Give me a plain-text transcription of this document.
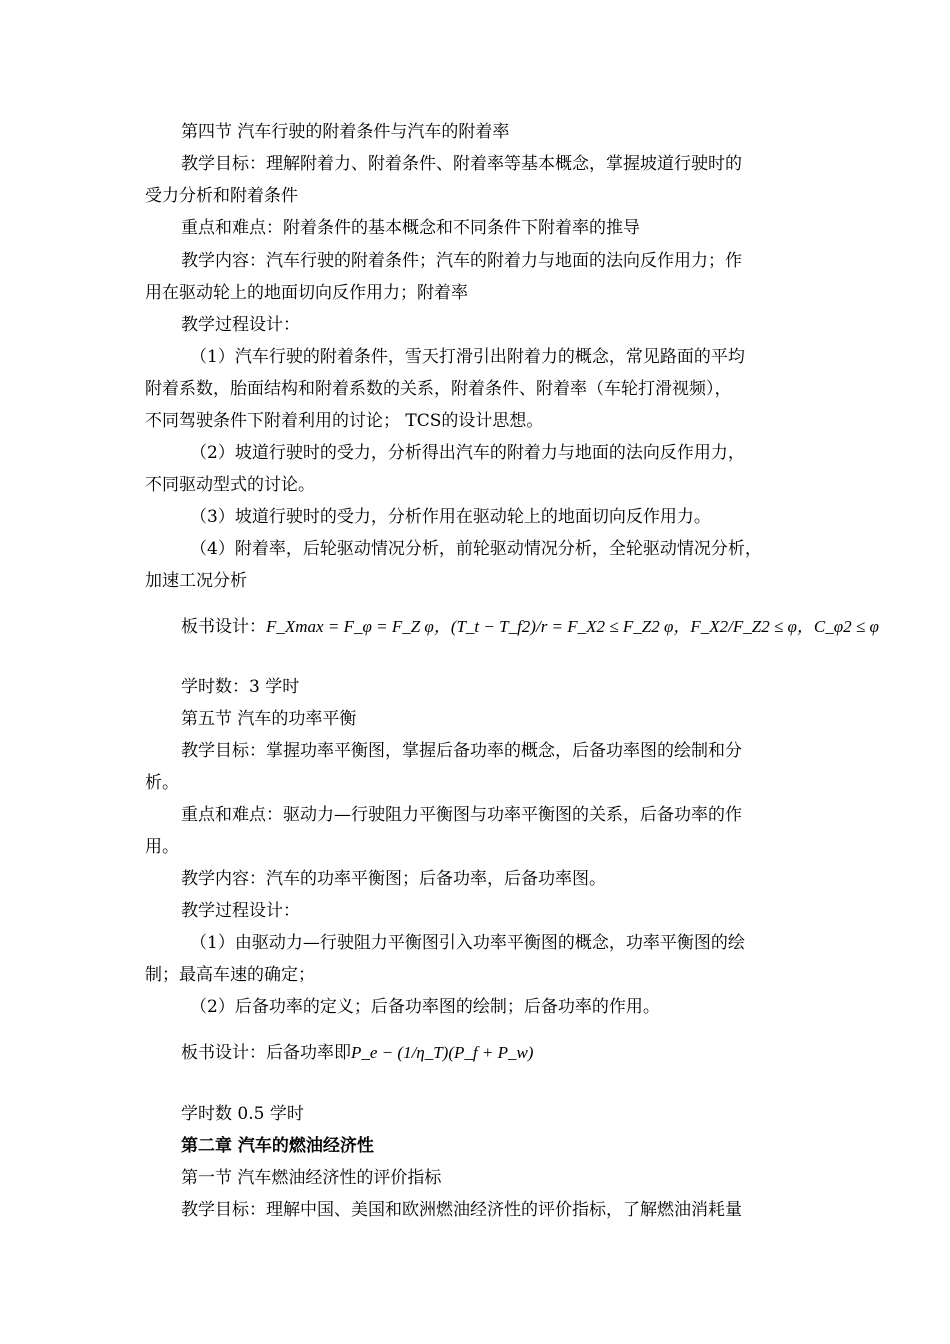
第四节 汽车行驶的附着条件与汽车的附着率
教学目标：理解附着力、附着条件、附着率等基本概念，掌握坡道行驶时的
受力分析和附着条件
重点和难点：附着条件的基本概念和不同条件下附着率的推导
教学内容：汽车行驶的附着条件；汽车的附着力与地面的法向反作用力；作
用在驱动轮上的地面切向反作用力；附着率
教学过程设计：
（1）汽车行驶的附着条件，雪天打滑引出附着力的概念，常见路面的平均
附着系数，胎面结构和附着系数的关系，附着条件、附着率（车轮打滑视频），
不同驾驶条件下附着利用的讨论； TCS的设计思想。
（2）坡道行驶时的受力，分析得出汽车的附着力与地面的法向反作用力，
不同驱动型式的讨论。
（3）坡道行驶时的受力，分析作用在驱动轮上的地面切向反作用力。
（4）附着率，后轮驱动情况分析，前轮驱动情况分析，全轮驱动情况分析，
加速工况分析
板书设计：F_Xmax = F_φ = F_Z φ，(T_t − T_f2)/r = F_X2 ≤ F_Z2 φ，F_X2/F_Z2 ≤ φ，C_φ2 ≤ φ
学时数：3 学时
第五节 汽车的功率平衡
教学目标：掌握功率平衡图，掌握后备功率的概念，后备功率图的绘制和分
析。
重点和难点：驱动力—行驶阻力平衡图与功率平衡图的关系，后备功率的作
用。
教学内容：汽车的功率平衡图；后备功率，后备功率图。
教学过程设计：
（1）由驱动力—行驶阻力平衡图引入功率平衡图的概念，功率平衡图的绘
制；最高车速的确定；
（2）后备功率的定义；后备功率图的绘制；后备功率的作用。
板书设计：后备功率即P_e − (1/η_T)(P_f + P_w)
学时数 0.5 学时
第二章 汽车的燃油经济性
第一节 汽车燃油经济性的评价指标
教学目标：理解中国、美国和欧洲燃油经济性的评价指标，了解燃油消耗量
